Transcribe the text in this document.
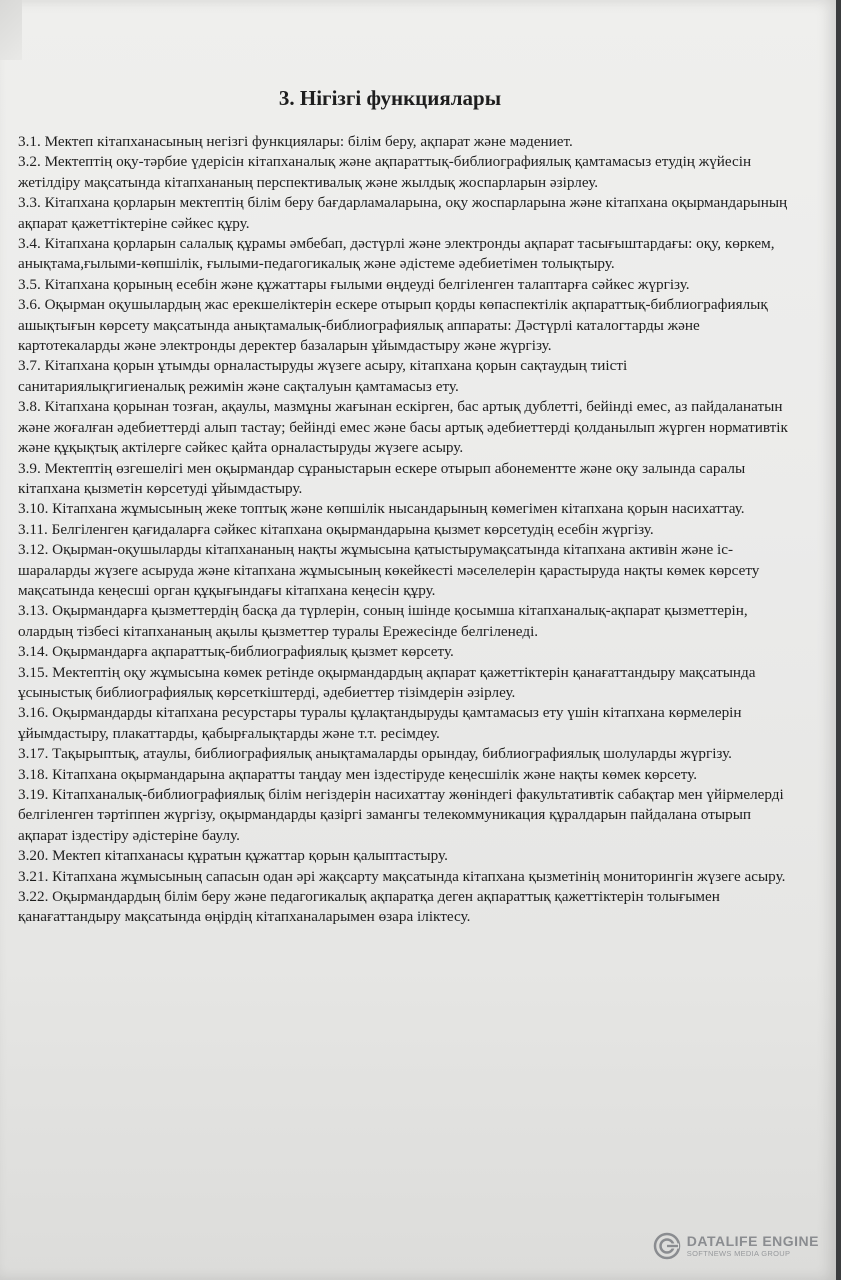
3. Нігізгі функциялары

3.1. Мектеп кітапханасының негізгі функциялары: білім беру, ақпарат және мәдениет.

3.2. Мектептің оқу-тәрбие үдерісін кітапханалық және ақпараттық-библиографиялық қамтамасыз етудің жүйесін жетілдіру мақсатында кітапхананың перспективалық және жылдық жоспарларын әзірлеу.

3.3. Кітапхана қорларын мектептің білім беру бағдарламаларына, оқу жоспарларына және кітапхана оқырмандарының ақпарат қажеттіктеріне сәйкес құру.

3.4. Кітапхана қорларын салалық құрамы әмбебап, дәстүрлі және электронды ақпарат тасығыштардағы: оқу, көркем, анықтама,ғылыми-көпшілік, ғылыми-педагогикалық және әдістеме әдебиетімен толықтыру.

3.5. Кітапхана қорының есебін және құжаттары ғылыми өңдеуді белгіленген талаптарға сәйкес жүргізу.

3.6. Оқырман оқушылардың жас ерекшеліктерін ескере отырып қорды көпаспектілік ақпараттық-библиографиялық ашықтығын көрсету мақсатында анықтамалық-библиографиялық аппараты: Дәстүрлі каталогтарды және картотекаларды және электронды деректер базаларын ұйымдастыру және жүргізу.

3.7. Кітапхана қорын ұтымды орналастыруды жүзеге асыру, кітапхана қорын сақтаудың тиісті санитариялықгигиеналық режимін және сақталуын қамтамасыз ету.

3.8. Кітапхана қорынан тозған, ақаулы, мазмұны жағынан ескірген, бас артық дублетті, бейінді емес, аз пайдаланатын және жоғалған әдебиеттерді алып тастау; бейінді емес және басы артық әдебиеттерді қолданылып жүрген нормативтік және құқықтық актілерге сәйкес қайта орналастыруды жүзеге асыру.

3.9. Мектептің өзгешелігі мен оқырмандар сұраныстарын ескере отырып абонементте және оқу залында саралы кітапхана қызметін көрсетуді ұйымдастыру.

3.10. Кітапхана жұмысының жеке топтық және көпшілік нысандарының көмегімен кітапхана қорын насихаттау.

3.11. Белгіленген қағидаларға сәйкес кітапхана оқырмандарына қызмет көрсетудің есебін жүргізу.

3.12. Оқырман-оқушыларды кітапхананың нақты жұмысына қатыстырумақсатында кітапхана активін және іс-шараларды жүзеге асыруда және кітапхана жұмысының көкейкесті мәселелерін қарастыруда нақты көмек көрсету мақсатында кеңесші орган құқығындағы кітапхана кеңесін құру.

3.13. Оқырмандарға қызметтердің басқа да түрлерін, соның ішінде қосымша кітапханалық-ақпарат қызметтерін, олардың тізбесі кітапхананың ақылы қызметтер туралы Ережесінде белгіленеді.

3.14. Оқырмандарға ақпараттық-библиографиялық қызмет көрсету.

3.15. Мектептің оқу жұмысына көмек ретінде оқырмандардың ақпарат қажеттіктерін қанағаттандыру мақсатында ұсыныстық библиографиялық көрсеткіштерді, әдебиеттер тізімдерін әзірлеу.

3.16. Оқырмандарды кітапхана ресурстары туралы құлақтандыруды қамтамасыз ету үшін кітапхана көрмелерін ұйымдастыру, плакаттарды, қабырғалықтарды және т.т. ресімдеу.

3.17. Тақырыптық, атаулы, библиографиялық анықтамаларды орындау, библиографиялық шолуларды жүргізу.

3.18. Кітапхана оқырмандарына ақпаратты таңдау мен іздестіруде кеңесшілік және нақты көмек көрсету.

3.19. Кітапханалық-библиографиялық білім негіздерін насихаттау жөніндегі факультативтік сабақтар мен үйірмелерді белгіленген тәртіппен жүргізу, оқырмандарды қазіргі замангы телекоммуникация құралдарын пайдалана отырып ақпарат іздестіру әдістеріне баулу.

3.20. Мектеп кітапханасы құратын құжаттар қорын қалыптастыру.

3.21. Кітапхана жұмысының сапасын одан әрі жақсарту мақсатында кітапхана қызметінің мониторингін жүзеге асыру.

3.22. Оқырмандардың білім беру және педагогикалық ақпаратқа деген ақпараттық қажеттіктерін толығымен қанағаттандыру мақсатында өңірдің кітапханаларымен өзара іліктесу.

DATALIFE ENGINE
SOFTNEWS MEDIA GROUP
